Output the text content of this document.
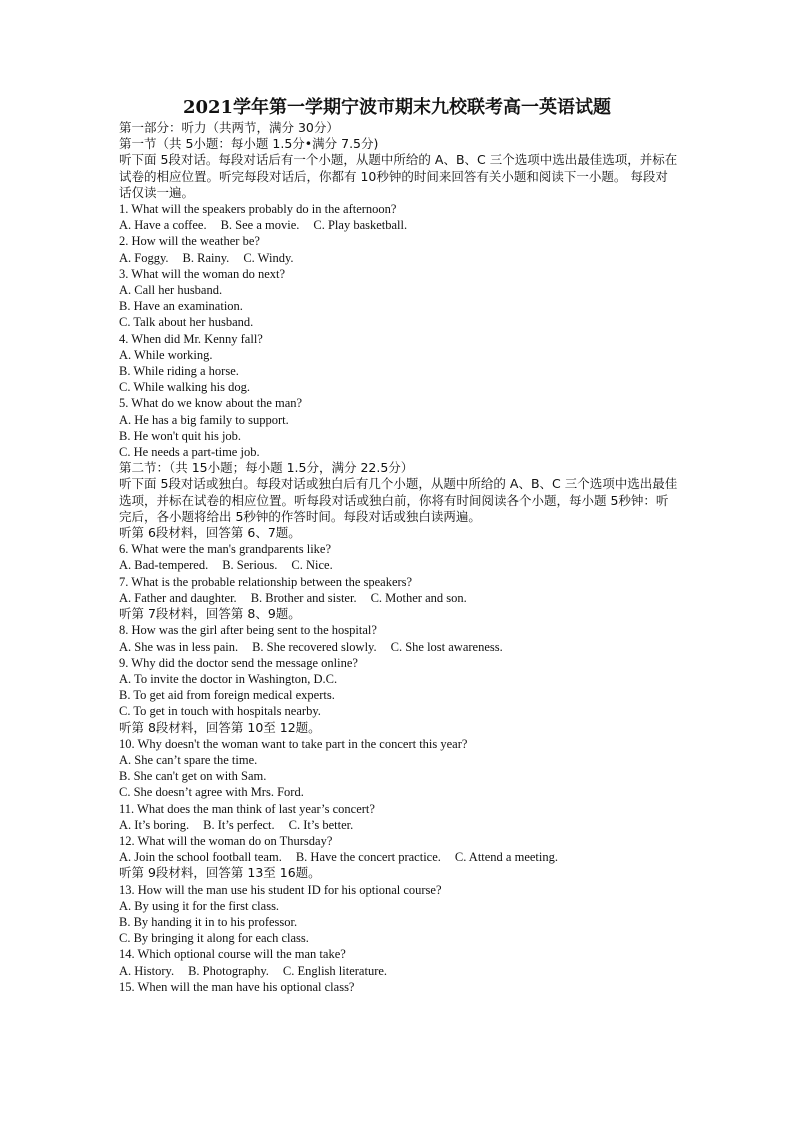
2021学年第一学期宁波市期末九校联考高一英语试题
第一部分：听力（共两节，满分 30分）
第一节（共 5小题：每小题 1.5分•满分 7.5分)
听下面 5段对话。每段对话后有一个小题，从题中所给的 A、B、C 三个选项中选出最佳选项，并标在试卷的相应位置。听完每段对话后，你都有 10秒钟的时间来回答有关小题和阅读下一小题。 每段对话仅读一遍。
1. What will the speakers probably do in the afternoon?
A. Have a coffee. B. See a movie. C. Play basketball.
2. How will the weather be?
A. Foggy. B. Rainy. C. Windy.
3. What will the woman do next?
A. Call her husband.
B. Have an examination.
C. Talk about her husband.
4. When did Mr. Kenny fall?
A. While working.
B. While riding a horse.
C. While walking his dog.
5. What do we know about the man?
A. He has a big family to support.
B. He won't quit his job.
C. He needs a part-time job.
第二节：（共 15小题；每小题 1.5分，满分 22.5分）
听下面 5段对话或独白。每段对话或独白后有几个小题，从题中所给的 A、B、C 三个选项中选出最佳选项，并标在试卷的相应位置。听每段对话或独白前，你将有时间阅读各个小题，每小题 5秒钟：听完后，各小题将给出 5秒钟的作答时间。每段对话或独白读两遍。
听第 6段材料，回答第 6、7题。
6. What were the man's grandparents like?
A. Bad-tempered. B. Serious. C. Nice.
7. What is the probable relationship between the speakers?
A. Father and daughter. B. Brother and sister. C. Mother and son.
听第 7段材料，回答第 8、9题。
8. How was the girl after being sent to the hospital?
A. She was in less pain. B. She recovered slowly. C. She lost awareness.
9. Why did the doctor send the message online?
A. To invite the doctor in Washington, D.C.
B. To get aid from foreign medical experts.
C. To get in touch with hospitals nearby.
听第 8段材料，回答第 10至 12题。
10. Why doesn't the woman want to take part in the concert this year?
A. She can’t spare the time.
B. She can't get on with Sam.
C. She doesn’t agree with Mrs. Ford.
11. What does the man think of last year’s concert?
A. It’s boring. B. It’s perfect. C. It’s better.
12. What will the woman do on Thursday?
A. Join the school football team. B. Have the concert practice. C. Attend a meeting.
听第 9段材料，回答第 13至 16题。
13. How will the man use his student ID for his optional course?
A. By using it for the first class.
B. By handing it in to his professor.
C. By bringing it along for each class.
14. Which optional course will the man take?
A. History. B. Photography. C. English literature.
15. When will the man have his optional class?
